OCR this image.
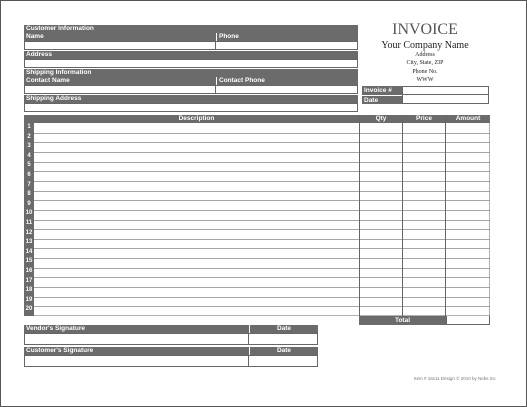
Customer Information
Name	Phone
Address
Shipping Information
Contact Name	Contact Phone
Shipping Address
INVOICE
Your Company Name
Address
City, State, ZIP
Phone No.
WWW
Invoice #
Date
Description	Qty	Price	Amount
1
2
3
4
5
6
7
8
9
10
11
12
13
14
15
16
17
18
19
20
Total
Vendor's Signature	Date
Customer's Signature	Date
Item # 18x11 Design © 2010 by Nebs Inc
